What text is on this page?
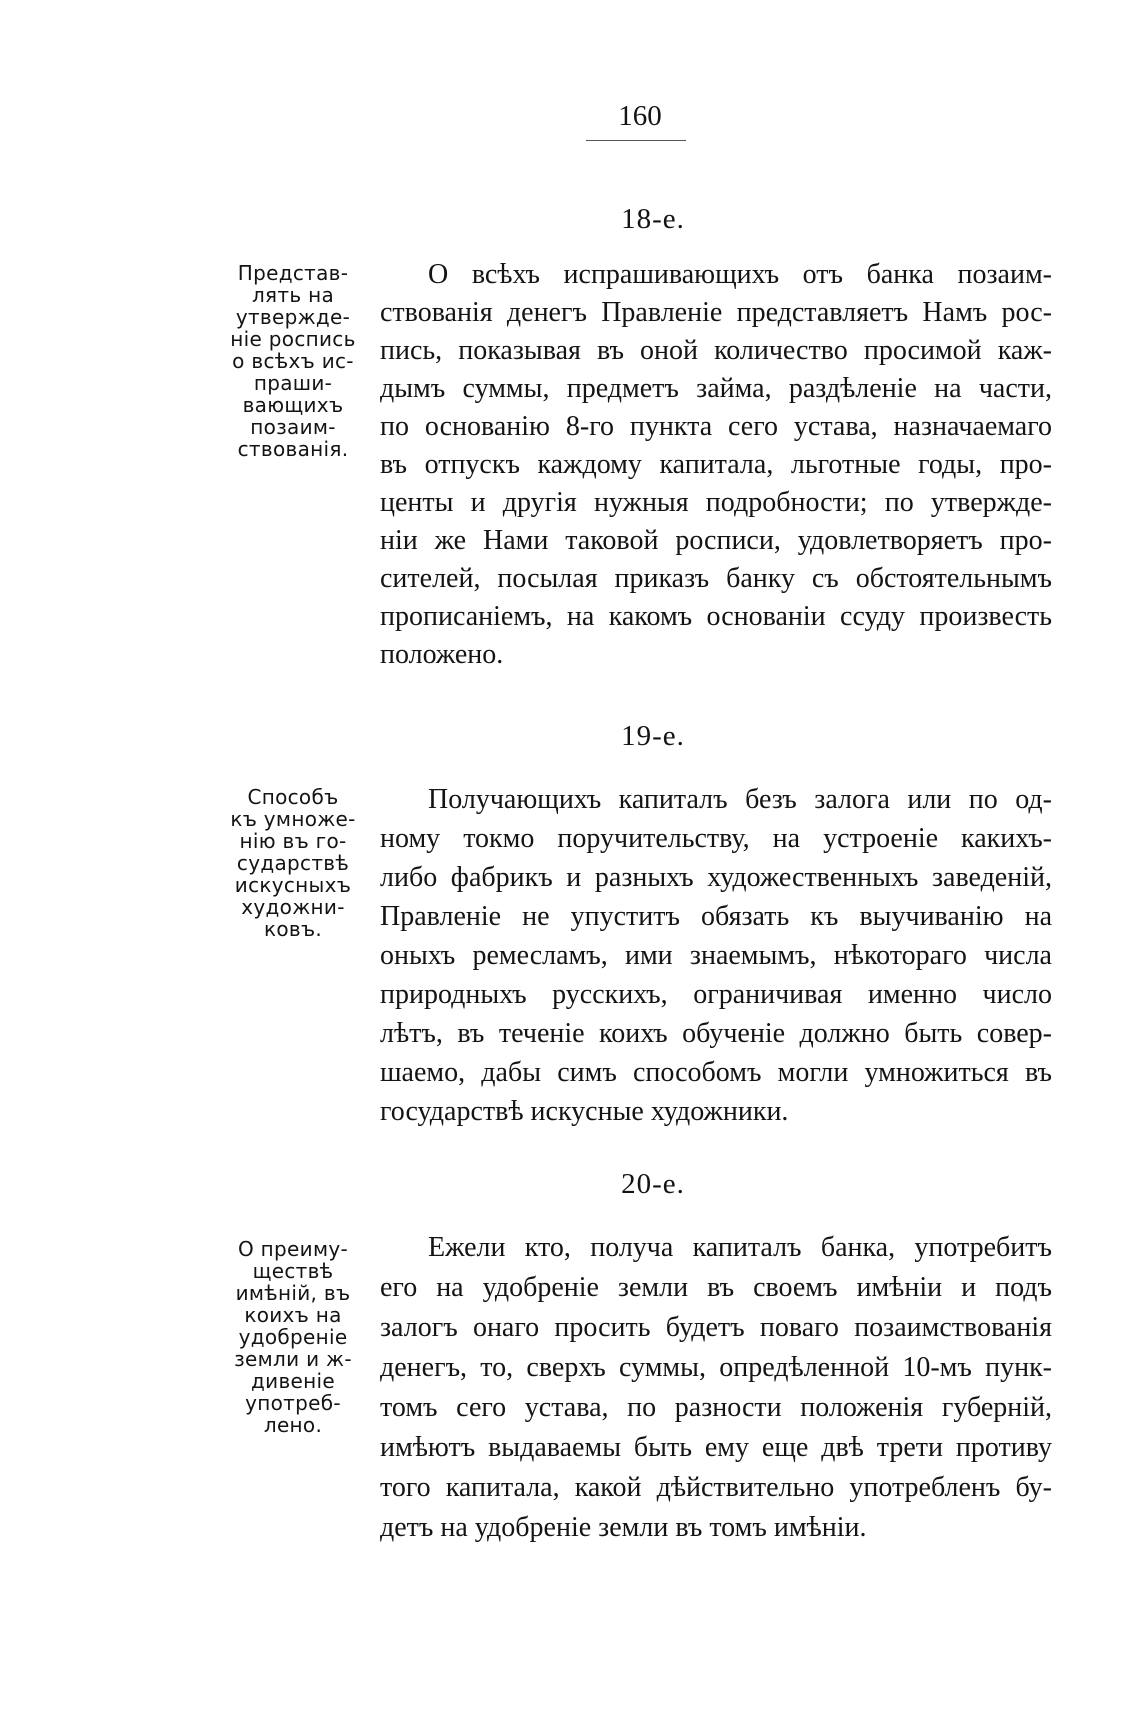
160
18-е.
Представ-
лять на
утвержде-
ніе роспись
о всѣхъ ис-
праши-
вающихъ
позаим-
ствованія.
О всѣхъ испрашивающихъ отъ банка позаим-
ствованія денегъ Правленіе представляетъ Намъ рос-
пись, показывая въ оной количество просимой каж-
дымъ суммы, предметъ займа, раздѣленіе на части,
по основанію 8-го пункта сего устава, назначаемаго
въ отпускъ каждому капитала, льготные годы, про-
центы и другія нужныя подробности; по утвержде-
ніи же Нами таковой росписи, удовлетворяетъ про-
сителей, посылая приказъ банку съ обстоятельнымъ
прописаніемъ, на какомъ основаніи ссуду произвесть
положено.
19-е.
Способъ
къ умноже-
нію въ го-
сударствѣ
искусныхъ
художни-
ковъ.
Получающихъ капиталъ безъ залога или по од-
ному токмо поручительству, на устроеніе какихъ-
либо фабрикъ и разныхъ художественныхъ заведеній,
Правленіе не упуститъ обязать къ выучиванію на
оныхъ ремесламъ, ими знаемымъ, нѣкотораго числа
природныхъ русскихъ, ограничивая именно число
лѣтъ, въ теченіе коихъ обученіе должно быть совер-
шаемо, дабы симъ способомъ могли умножиться въ
государствѣ искусные художники.
20-е.
О преиму-
ществѣ
имѣній, въ
коихъ на
удобреніе
земли и ж-
дивеніе
употреб-
лено.
Ежели кто, получа капиталъ банка, употребитъ
его на удобреніе земли въ своемъ имѣніи и подъ
залогъ онаго просить будетъ поваго позаимствованія
денегъ, то, сверхъ суммы, опредѣленной 10-мъ пунк-
томъ сего устава, по разности положенія губерній,
имѣютъ выдаваемы быть ему еще двѣ трети противу
того капитала, какой дѣйствительно употребленъ бу-
детъ на удобреніе земли въ томъ имѣніи.
